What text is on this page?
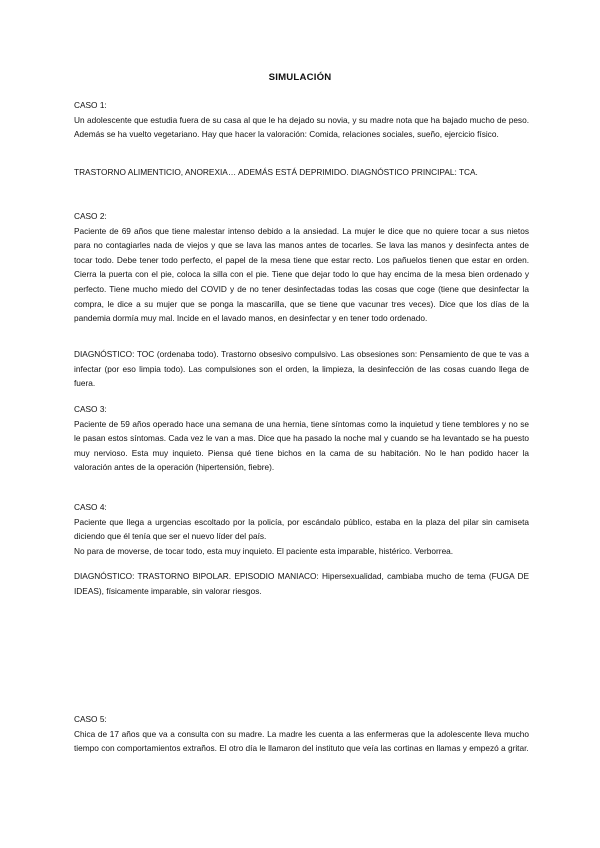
SIMULACIÓN

CASO 1:

Un adolescente que estudia fuera de su casa al que le ha dejado su novia, y su madre nota que ha bajado mucho de peso. Además se ha vuelto vegetariano. Hay que hacer la valoración: Comida, relaciones sociales, sueño, ejercicio físico.

TRASTORNO ALIMENTICIO, ANOREXIA… ADEMÁS ESTÁ DEPRIMIDO. DIAGNÓSTICO PRINCIPAL: TCA.

CASO 2:

Paciente de 69 años que tiene malestar intenso debido a la ansiedad. La mujer le dice que no quiere tocar a sus nietos para no contagiarles nada de viejos y que se lava las manos antes de tocarles. Se lava las manos y desinfecta antes de tocar todo. Debe tener todo perfecto, el papel de la mesa tiene que estar recto. Los pañuelos tienen que estar en orden. Cierra la puerta con el pie, coloca la silla con el pie. Tiene que dejar todo lo que hay encima de la mesa bien ordenado y perfecto. Tiene mucho miedo del COVID y de no tener desinfectadas todas las cosas que coge (tiene que desinfectar la compra, le dice a su mujer que se ponga la mascarilla, que se tiene que vacunar tres veces). Dice que los días de la pandemia dormía muy mal. Incide en el lavado manos, en desinfectar y en tener todo ordenado.

DIAGNÓSTICO: TOC (ordenaba todo). Trastorno obsesivo compulsivo. Las obsesiones son: Pensamiento de que te vas a infectar (por eso limpia todo). Las compulsiones son el orden, la limpieza, la desinfección de las cosas cuando llega de fuera.

CASO 3:

Paciente de 59 años operado hace una semana de una hernia, tiene síntomas como la inquietud y tiene temblores y no se le pasan estos síntomas. Cada vez le van a mas. Dice que ha pasado la noche mal y cuando se ha levantado se ha puesto muy nervioso. Esta muy inquieto. Piensa qué tiene bichos en la cama de su habitación. No le han podido hacer la valoración antes de la operación (hipertensión, fiebre).

CASO 4:

Paciente que llega a urgencias escoltado por la policía, por escándalo público, estaba en la plaza del pilar sin camiseta diciendo que él tenía que ser el nuevo líder del país.

No para de moverse, de tocar todo, esta muy inquieto. El paciente esta imparable, histérico. Verborrea.

DIAGNÓSTICO: TRASTORNO BIPOLAR. EPISODIO MANIACO: Hipersexualidad, cambiaba mucho de tema (FUGA DE IDEAS), físicamente imparable, sin valorar riesgos.

CASO 5:

Chica de 17 años que va a consulta con su madre. La madre les cuenta a las enfermeras que la adolescente lleva mucho tiempo con comportamientos extraños. El otro día le llamaron del instituto que veía las cortinas en llamas y empezó a gritar.
